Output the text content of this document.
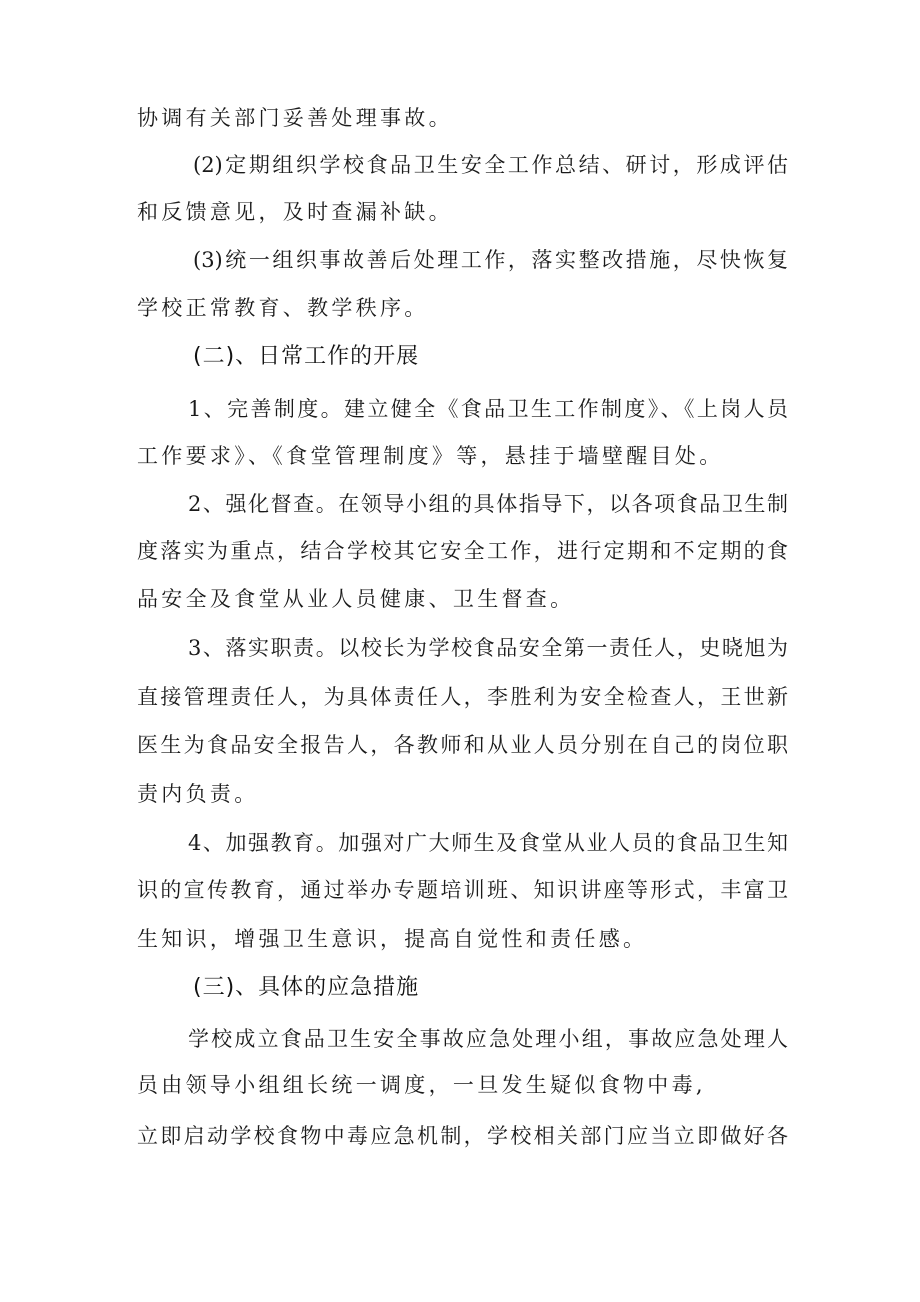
协调有关部门妥善处理事故。
(2)定期组织学校食品卫生安全工作总结、研讨，形成评估
和反馈意见，及时查漏补缺。
(3)统一组织事故善后处理工作，落实整改措施，尽快恢复
学校正常教育、教学秩序。
(二)、日常工作的开展
1、完善制度。建立健全《食品卫生工作制度》、《上岗人员
工作要求》、《食堂管理制度》等，悬挂于墙壁醒目处。
2、强化督查。在领导小组的具体指导下，以各项食品卫生制
度落实为重点，结合学校其它安全工作，进行定期和不定期的食
品安全及食堂从业人员健康、卫生督查。
3、落实职责。以校长为学校食品安全第一责任人，史晓旭为
直接管理责任人，为具体责任人，李胜利为安全检查人，王世新
医生为食品安全报告人，各教师和从业人员分别在自己的岗位职
责内负责。
4、加强教育。加强对广大师生及食堂从业人员的食品卫生知
识的宣传教育，通过举办专题培训班、知识讲座等形式，丰富卫
生知识，增强卫生意识，提高自觉性和责任感。
(三)、具体的应急措施
学校成立食品卫生安全事故应急处理小组，事故应急处理人
员由领导小组组长统一调度，一旦发生疑似食物中毒,
立即启动学校食物中毒应急机制，学校相关部门应当立即做好各
